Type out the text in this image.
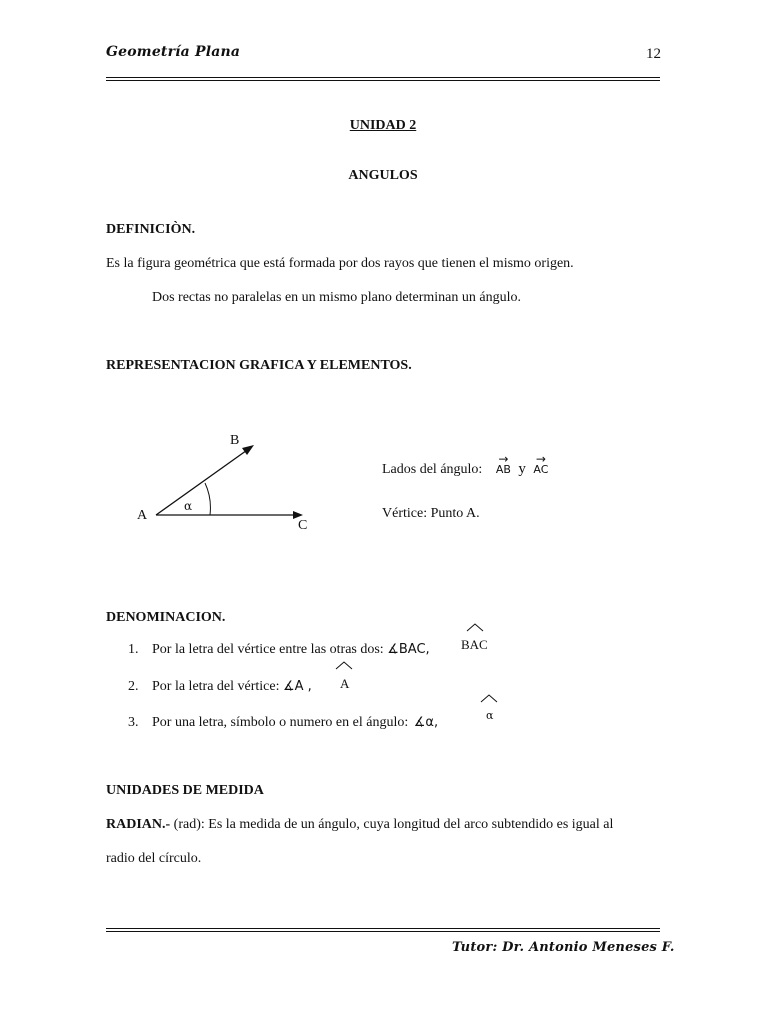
Geometría Plana	12
UNIDAD 2
ANGULOS
DEFINICIÒN.
Es la figura geométrica que está formada por dos rayos que tienen el mismo origen.
Dos rectas no paralelas en un mismo plano determinan un ángulo.
REPRESENTACION GRAFICA Y ELEMENTOS.
A
B
C
α
Lados del ángulo:
→
AB y
→
AC
Vértice: Punto A.
DENOMINACION.
1. Por la letra del vértice entre las otras dos: ∡BAC, BAC
A
2. Por la letra del vértice: ∡A ,
α
3. Por una letra, símbolo o numero en el ángulo: ∡α,
UNIDADES DE MEDIDA
RADIAN.- (rad): Es la medida de un ángulo, cuya longitud del arco subtendido es igual al
radio del círculo.
Tutor: Dr. Antonio Meneses F.
